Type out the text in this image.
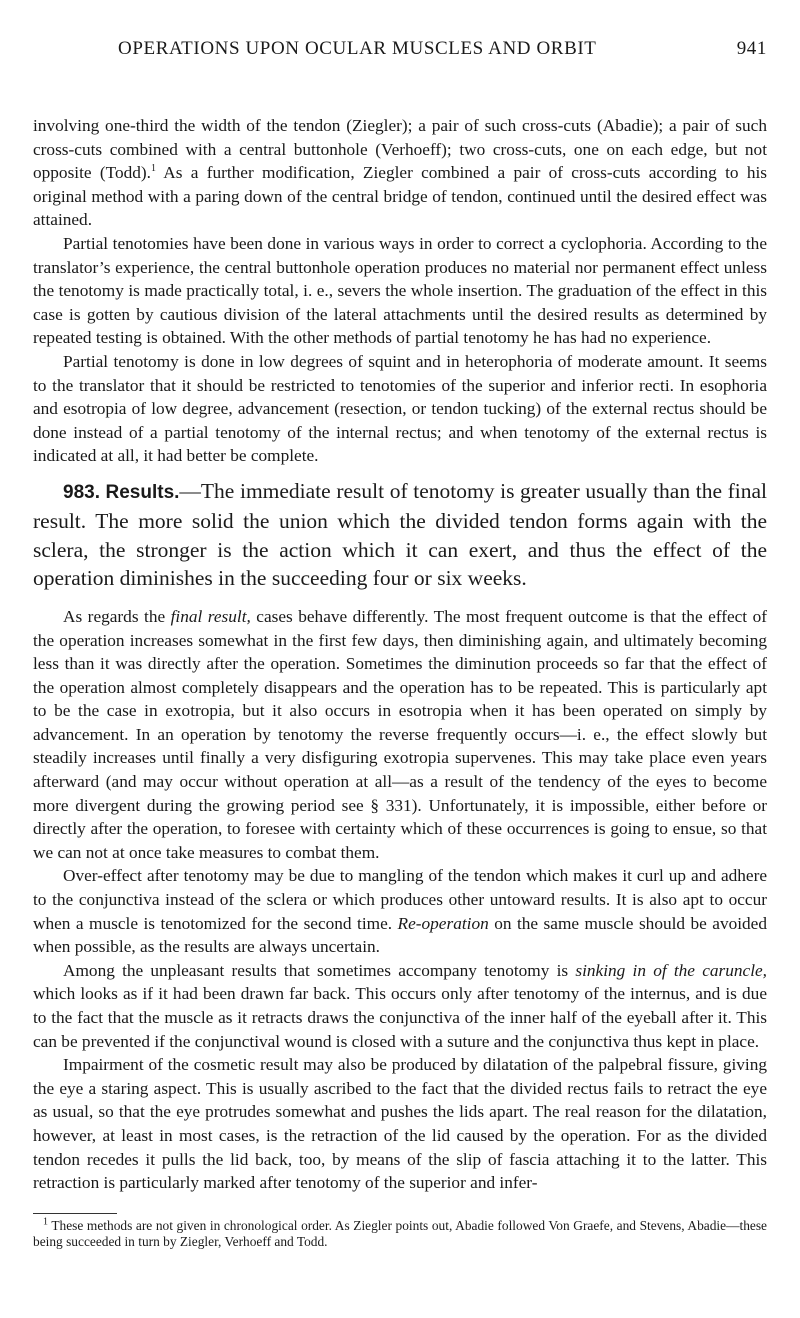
OPERATIONS UPON OCULAR MUSCLES AND ORBIT	941

involving one-third the width of the tendon (Ziegler); a pair of such cross-cuts (Abadie); a pair of such cross-cuts combined with a central buttonhole (Verhoeff); two cross-cuts, one on each edge, but not opposite (Todd).$^1$ As a further modification, Ziegler combined a pair of cross-cuts according to his original method with a paring down of the central bridge of tendon, continued until the desired effect was attained.

Partial tenotomies have been done in various ways in order to correct a cyclophoria. According to the translator’s experience, the central buttonhole operation produces no material nor permanent effect unless the tenotomy is made practically total, i. e., severs the whole insertion. The graduation of the effect in this case is gotten by cautious division of the lateral attachments until the desired results as determined by repeated testing is obtained. With the other methods of partial tenotomy he has had no experience.

Partial tenotomy is done in low degrees of squint and in heterophoria of moderate amount. It seems to the translator that it should be restricted to tenotomies of the superior and inferior recti. In esophoria and esotropia of low degree, advancement (resection, or tendon tucking) of the external rectus should be done instead of a partial tenotomy of the internal rectus; and when tenotomy of the external rectus is indicated at all, it had better be complete.

983. Results.—The immediate result of tenotomy is greater usually than the final result. The more solid the union which the divided tendon forms again with the sclera, the stronger is the action which it can exert, and thus the effect of the operation diminishes in the succeeding four or six weeks.

As regards the final result, cases behave differently. The most frequent outcome is that the effect of the operation increases somewhat in the first few days, then diminishing again, and ultimately becoming less than it was directly after the operation. Sometimes the diminution proceeds so far that the effect of the operation almost completely disappears and the operation has to be repeated. This is particularly apt to be the case in exotropia, but it also occurs in esotropia when it has been operated on simply by advancement. In an operation by tenotomy the reverse frequently occurs—i. e., the effect slowly but steadily increases until finally a very disfiguring exotropia supervenes. This may take place even years afterward (and may occur without operation at all—as a result of the tendency of the eyes to become more divergent during the growing period see § 331). Unfortunately, it is impossible, either before or directly after the operation, to foresee with certainty which of these occurrences is going to ensue, so that we can not at once take measures to combat them.

Over-effect after tenotomy may be due to mangling of the tendon which makes it curl up and adhere to the conjunctiva instead of the sclera or which produces other untoward results. It is also apt to occur when a muscle is tenotomized for the second time. Re-operation on the same muscle should be avoided when possible, as the results are always uncertain.

Among the unpleasant results that sometimes accompany tenotomy is sinking in of the caruncle, which looks as if it had been drawn far back. This occurs only after tenotomy of the internus, and is due to the fact that the muscle as it retracts draws the conjunctiva of the inner half of the eyeball after it. This can be prevented if the conjunctival wound is closed with a suture and the conjunctiva thus kept in place.

Impairment of the cosmetic result may also be produced by dilatation of the palpebral fissure, giving the eye a staring aspect. This is usually ascribed to the fact that the divided rectus fails to retract the eye as usual, so that the eye protrudes somewhat and pushes the lids apart. The real reason for the dilatation, however, at least in most cases, is the retraction of the lid caused by the operation. For as the divided tendon recedes it pulls the lid back, too, by means of the slip of fascia attaching it to the latter. This retraction is particularly marked after tenotomy of the superior and infer-

$^1$ These methods are not given in chronological order. As Ziegler points out, Abadie followed Von Graefe, and Stevens, Abadie—these being succeeded in turn by Ziegler, Verhoeff and Todd.
